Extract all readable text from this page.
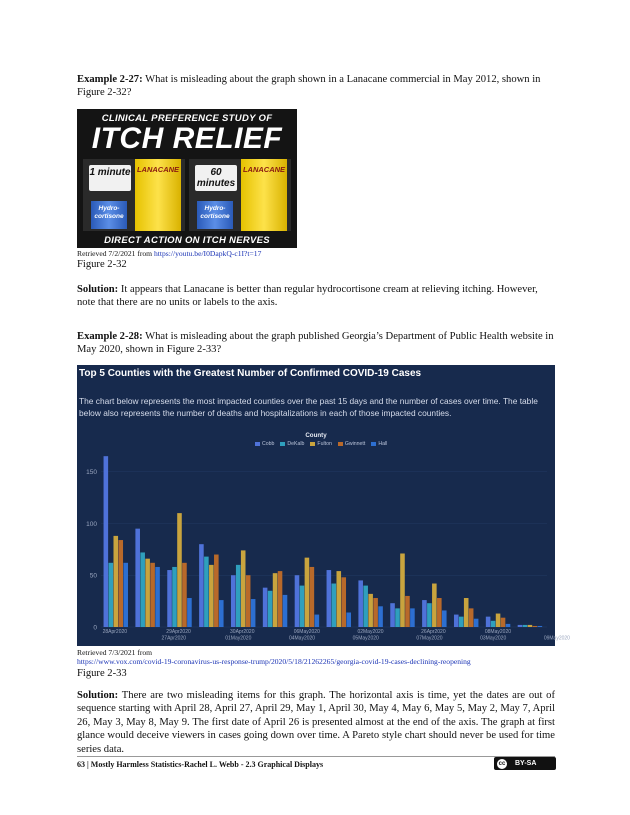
Example 2-27: What is misleading about the graph shown in a Lanacane commercial in May 2012, shown in Figure 2-32?
CLINICAL PREFERENCE STUDY OF
ITCH RELIEF
1 minute
Hydro- cortisone
LANACANE	60 minutes
Hydro- cortisone
LANACANE
DIRECT ACTION ON ITCH NERVES
Retrieved 7/2/2021 from https://youtu.be/I0DapkQ-c1I?t=17
Figure 2-32
Solution: It appears that Lanacane is better than regular hydrocortisone cream at relieving itching. However, note that there are no units or labels to the axis.
Example 2-28: What is misleading about the graph published Georgia’s Department of Public Health website in May 2020, shown in Figure 2-33?
Top 5 Counties with the Greatest Number of Confirmed COVID-19 Cases
The chart below represents the most impacted counties over the past 15 days and the number of cases over time. The table below also represents the number of deaths and hospitalizations in each of those impacted counties.
County
Cobb	DeKalb	Fulton	Gwinnett	Hall
0
50
100
150
28Apr2020
27Apr2020
29Apr2020
01May2020
30Apr2020
04May2020
06May2020
05May2020
02May2020
07May2020
26Apr2020
03May2020
08May2020
09May2020
Retrieved 7/3/2021 from
https://www.vox.com/covid-19-coronavirus-us-response-trump/2020/5/18/21262265/georgia-covid-19-cases-declining-reopening
Figure 2-33
Solution: There are two misleading items for this graph. The horizontal axis is time, yet the dates are out of sequence starting with April 28, April 27, April 29, May 1, April 30, May 4, May 6, May 5, May 2, May 7, April 26, May 3, May 8, May 9. The first date of April 26 is presented almost at the end of the axis. The graph at first glance would deceive viewers in cases going down over time. A Pareto style chart should never be used for time series data.
63 | Mostly Harmless Statistics-Rachel L. Webb - 2.3 Graphical Displays	cc BY-SA
